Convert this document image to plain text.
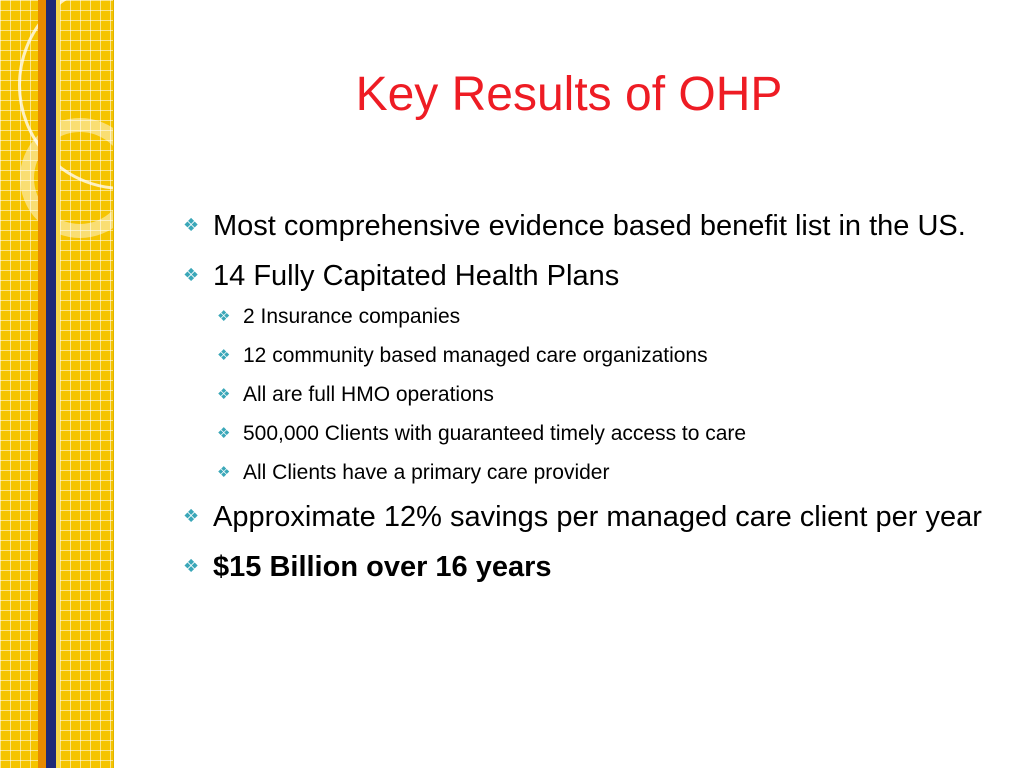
Key Results of OHP
❖ Most comprehensive evidence based benefit list in the US.
❖ 14 Fully Capitated Health Plans
❖ 2 Insurance companies
❖ 12 community based managed care organizations
❖ All are full HMO operations
❖ 500,000 Clients with guaranteed timely access to care
❖ All Clients have a primary care provider
❖ Approximate 12% savings per managed care client per year
❖ $15 Billion over 16 years
